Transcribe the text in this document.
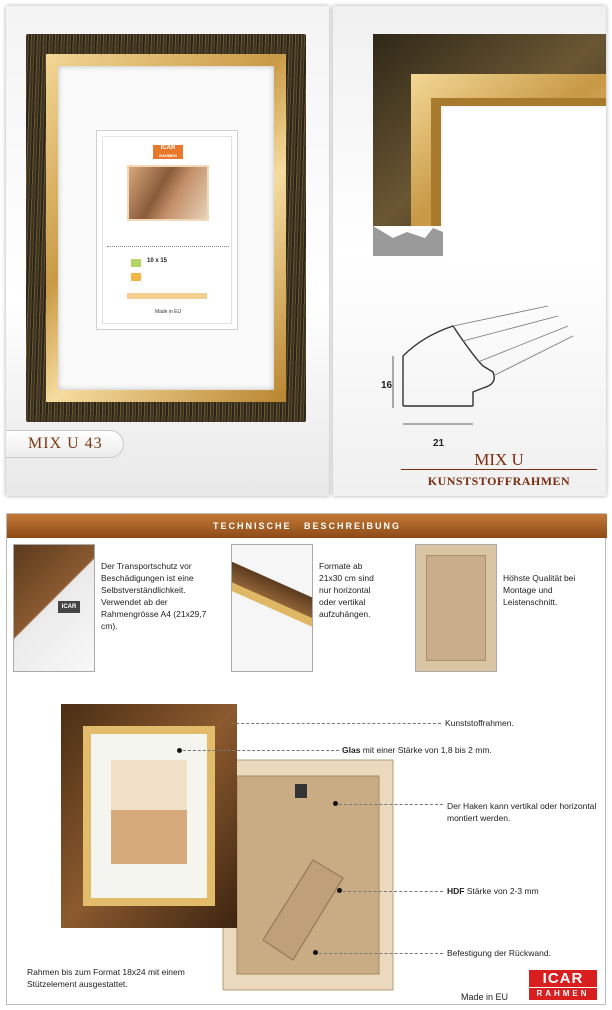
ICAR
RAHMEN
10 x 15
Made in EU
MIX U 43
16
21
MIX U
KUNSTSTOFFRAHMEN
TECHNISCHE BESCHREIBUNG
ICAR
Der Transportschutz vor Beschädigungen ist eine Selbstverständlichkeit. Verwendet ab der Rahmengrösse A4 (21x29,7 cm).
Formate ab 21x30 cm sind nur horizontal oder vertikal aufzuhängen.
Höhste Qualität bei Montage und Leistenschnitt.
Kunststoffrahmen.
Glas mit einer Stärke von 1,8 bis 2 mm.
Der Haken kann vertikal oder horizontal montiert werden.
HDF Stärke von 2-3 mm
Befestigung der Rückwand.
Rahmen bis zum Format 18x24 mit einem Stützelement ausgestattet.
Made in EU
ICAR
RAHMEN
